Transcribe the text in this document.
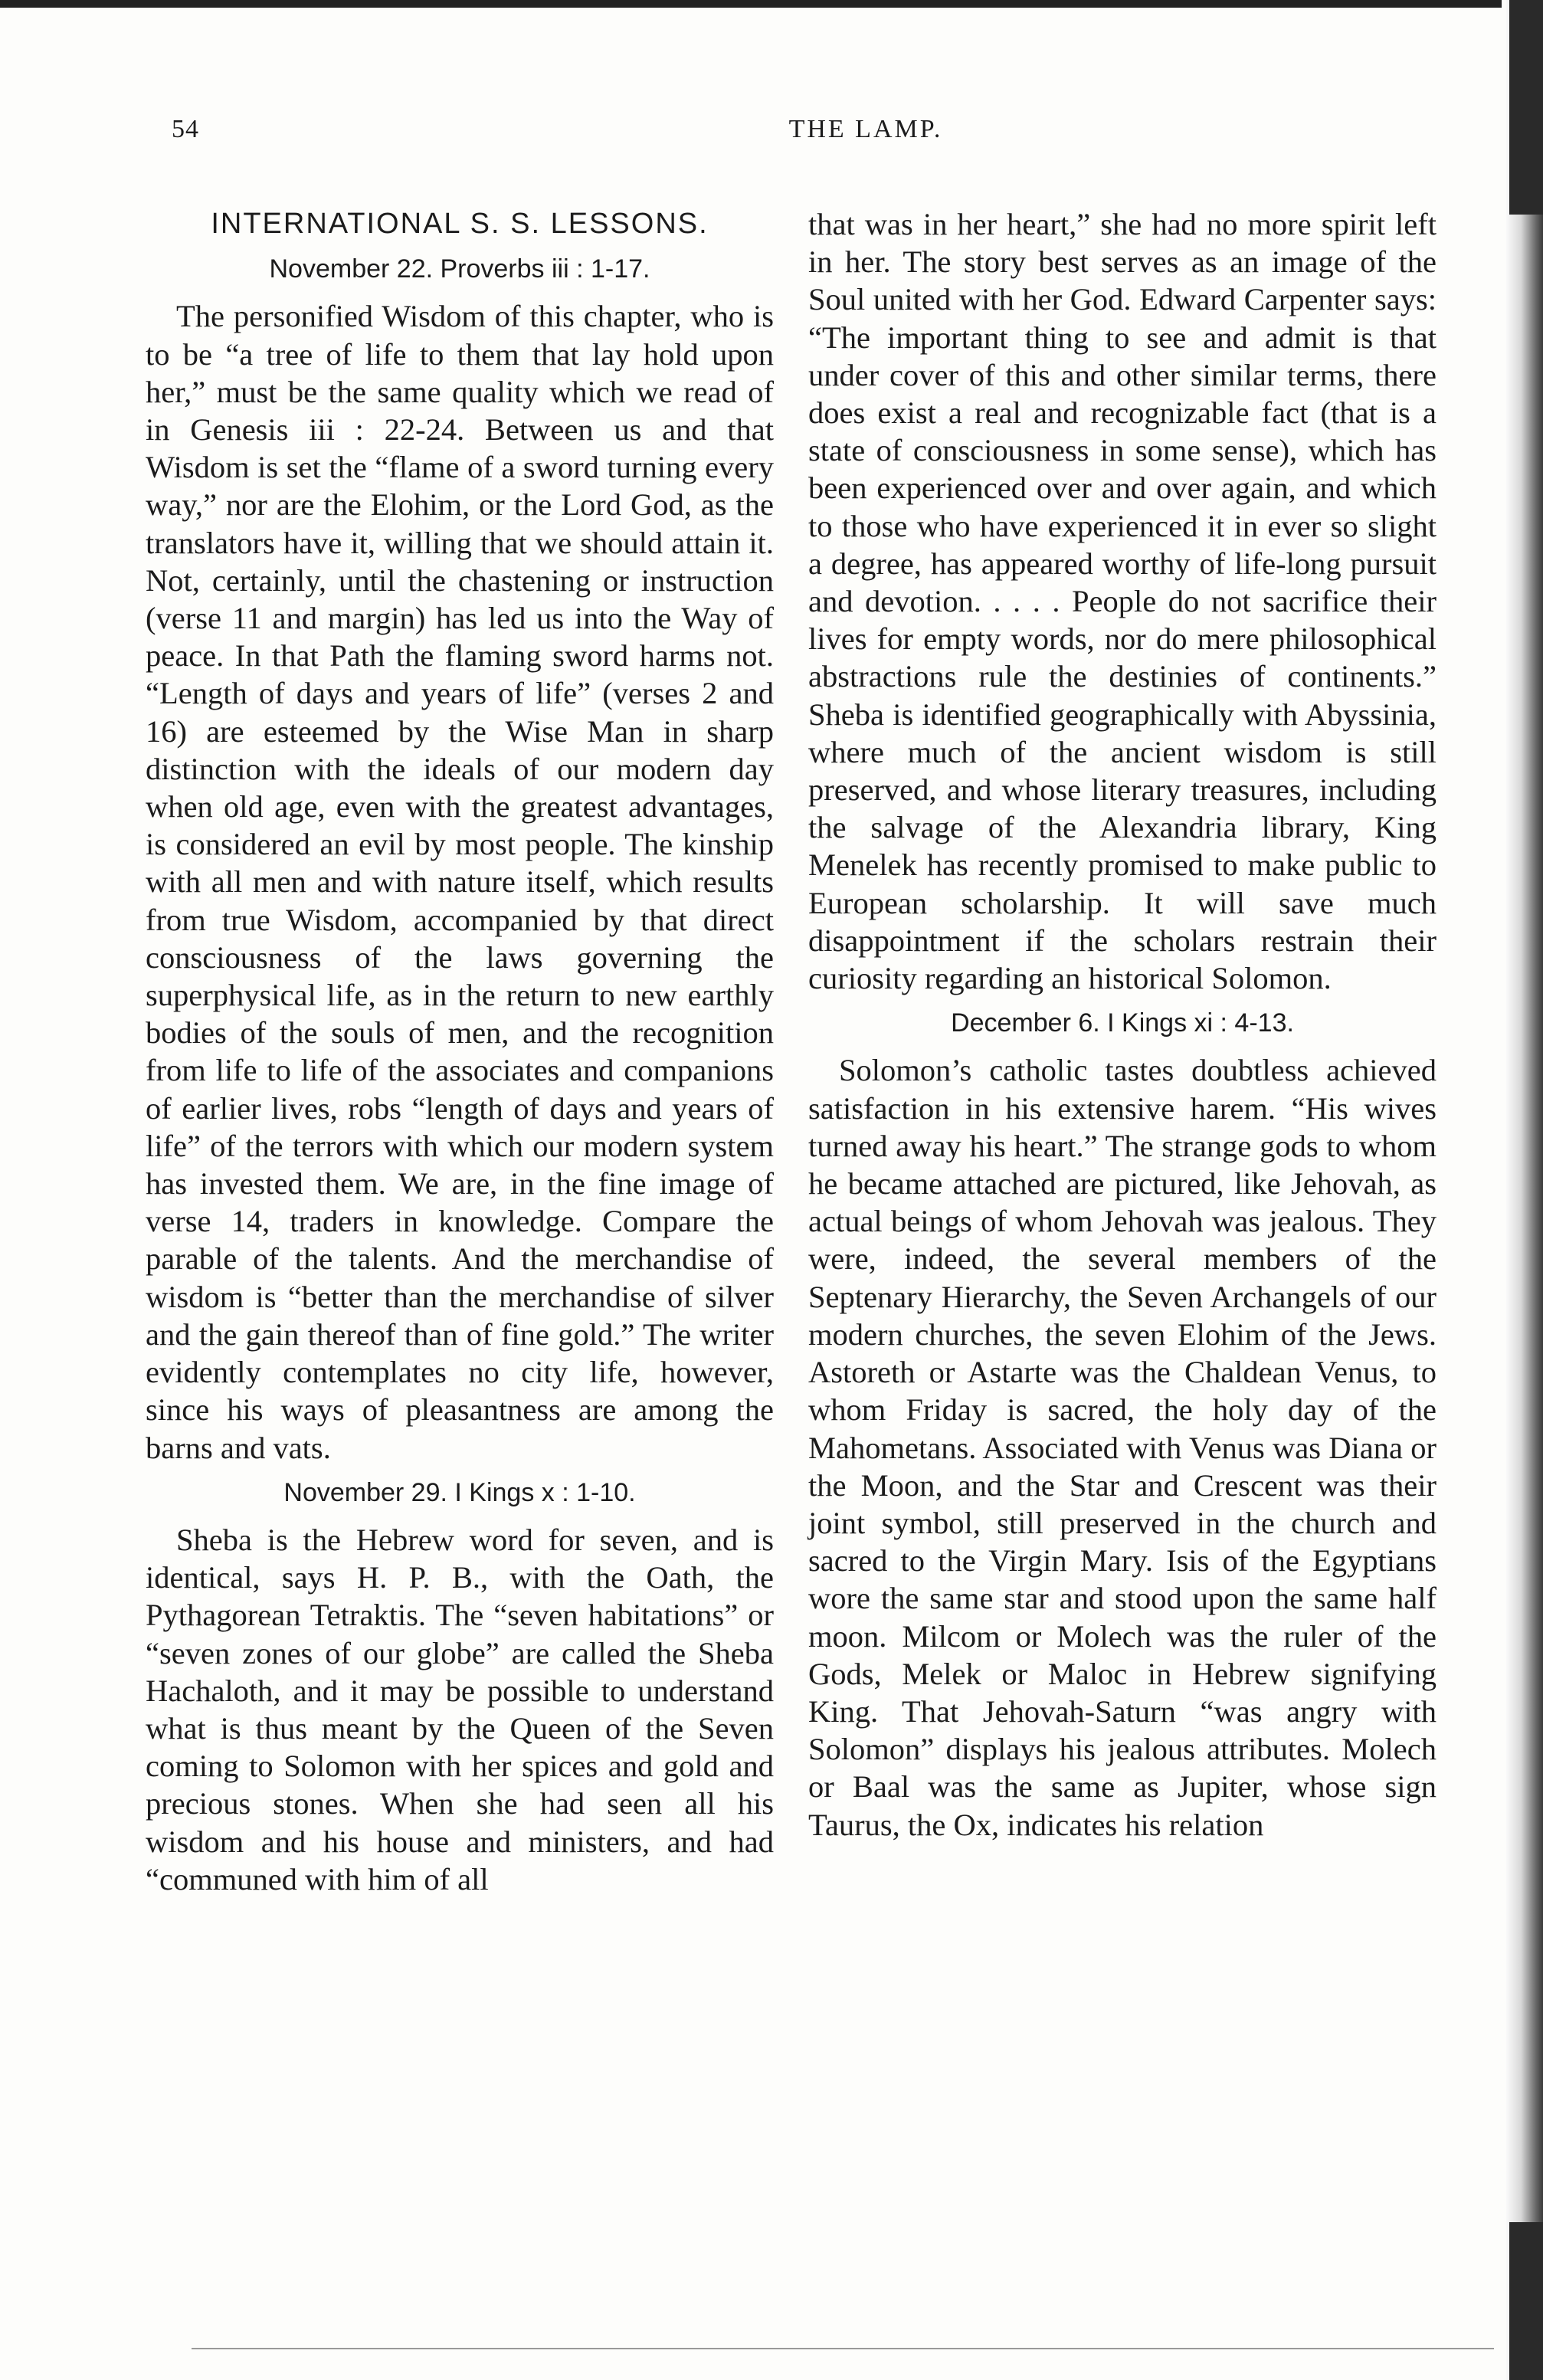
54	THE LAMP.
INTERNATIONAL S. S. LESSONS.
November 22. Proverbs iii : 1-17.

The personified Wisdom of this chapter, who is to be “a tree of life to them that lay hold upon her,” must be the same quality which we read of in Genesis iii : 22-24. Between us and that Wisdom is set the “flame of a sword turning every way,” nor are the Elohim, or the Lord God, as the translators have it, willing that we should attain it. Not, certainly, until the chastening or instruction (verse 11 and margin) has led us into the Way of peace. In that Path the flaming sword harms not. “Length of days and years of life” (verses 2 and 16) are esteemed by the Wise Man in sharp distinction with the ideals of our modern day when old age, even with the greatest advantages, is considered an evil by most people. The kinship with all men and with nature itself, which results from true Wisdom, accompanied by that direct consciousness of the laws governing the superphysical life, as in the return to new earthly bodies of the souls of men, and the recognition from life to life of the associates and companions of earlier lives, robs “length of days and years of life” of the terrors with which our modern system has invested them. We are, in the fine image of verse 14, traders in knowledge. Compare the parable of the talents. And the merchandise of wisdom is “better than the merchandise of silver and the gain thereof than of fine gold.” The writer evidently contemplates no city life, however, since his ways of pleasantness are among the barns and vats.

November 29. I Kings x : 1-10.

Sheba is the Hebrew word for seven, and is identical, says H. P. B., with the Oath, the Pythagorean Tetraktis. The “seven habitations” or “seven zones of our globe” are called the Sheba Hachaloth, and it may be possible to understand what is thus meant by the Queen of the Seven coming to Solomon with her spices and gold and precious stones. When she had seen all his wisdom and his house and ministers, and had “communed with him of all

that was in her heart,” she had no more spirit left in her. The story best serves as an image of the Soul united with her God. Edward Carpenter says: “The important thing to see and admit is that under cover of this and other similar terms, there does exist a real and recognizable fact (that is a state of consciousness in some sense), which has been experienced over and over again, and which to those who have experienced it in ever so slight a degree, has appeared worthy of life-long pursuit and devotion. . . . . People do not sacrifice their lives for empty words, nor do mere philosophical abstractions rule the destinies of continents.” Sheba is identified geographically with Abyssinia, where much of the ancient wisdom is still preserved, and whose literary treasures, including the salvage of the Alexandria library, King Menelek has recently promised to make public to European scholarship. It will save much disappointment if the scholars restrain their curiosity regarding an historical Solomon.

December 6. I Kings xi : 4-13.

Solomon’s catholic tastes doubtless achieved satisfaction in his extensive harem. “His wives turned away his heart.” The strange gods to whom he became attached are pictured, like Jehovah, as actual beings of whom Jehovah was jealous. They were, indeed, the several members of the Septenary Hierarchy, the Seven Archangels of our modern churches, the seven Elohim of the Jews. Astoreth or Astarte was the Chaldean Venus, to whom Friday is sacred, the holy day of the Mahometans. Associated with Venus was Diana or the Moon, and the Star and Crescent was their joint symbol, still preserved in the church and sacred to the Virgin Mary. Isis of the Egyptians wore the same star and stood upon the same half moon. Milcom or Molech was the ruler of the Gods, Melek or Maloc in Hebrew signifying King. That Jehovah-Saturn “was angry with Solomon” displays his jealous attributes. Molech or Baal was the same as Jupiter, whose sign Taurus, the Ox, indicates his relation
